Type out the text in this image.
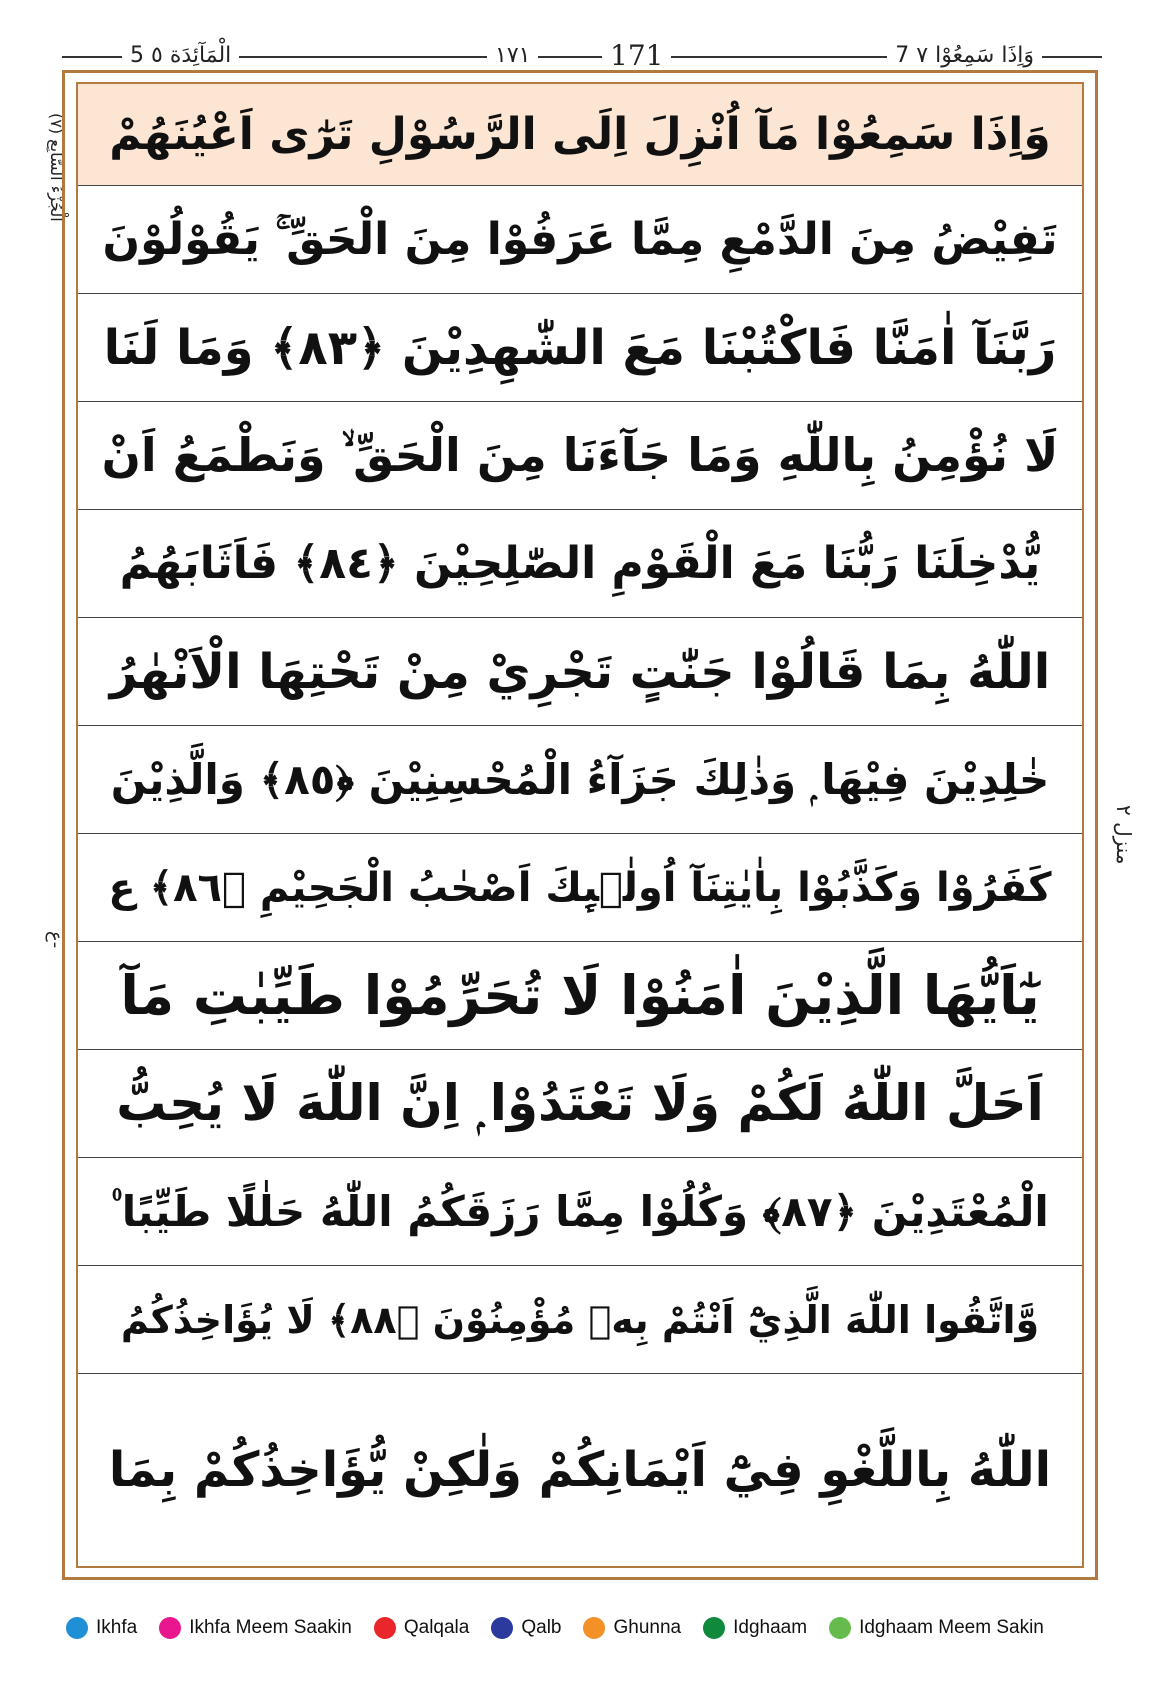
5 الْمَآئِدَة ٥	١٧١	171	7 وَاِذَا سَمِعُوْا ٧
(٧) الْجُزْءُ السَّابِع
ع-
منزل ٢
وَاِذَا سَمِعُوْا مَآ اُنْزِلَ اِلَى الرَّسُوْلِ تَرٰٓى اَعْيُنَهُمْ
تَفِيْضُ مِنَ الدَّمْعِ مِمَّا عَرَفُوْا مِنَ الْحَقِّ ۚ يَقُوْلُوْنَ
رَبَّنَآ اٰمَنَّا فَاكْتُبْنَا مَعَ الشّٰهِدِيْنَ ﴿٨٣﴾ وَمَا لَنَا
لَا نُؤْمِنُ بِاللّٰهِ وَمَا جَآءَنَا مِنَ الْحَقِّ ۙ وَنَطْمَعُ اَنْ
يُّدْخِلَنَا رَبُّنَا مَعَ الْقَوْمِ الصّٰلِحِيْنَ ﴿٨٤﴾ فَاَثَابَهُمُ
اللّٰهُ بِمَا قَالُوْا جَنّٰتٍ تَجْرِيْ مِنْ تَحْتِهَا الْاَنْهٰرُ
خٰلِدِيْنَ فِيْهَا ۭ وَذٰلِكَ جَزَآءُ الْمُحْسِنِيْنَ ﴿٨٥﴾ وَالَّذِيْنَ
كَفَرُوْا وَكَذَّبُوْا بِاٰيٰتِنَآ اُولٰۗىِٕكَ اَصْحٰبُ الْجَحِيْمِ ﴿٨٦﴾ ع
يٰٓاَيُّهَا الَّذِيْنَ اٰمَنُوْا لَا تُحَرِّمُوْا طَيِّبٰتِ مَآ
اَحَلَّ اللّٰهُ لَكُمْ وَلَا تَعْتَدُوْا ۭ اِنَّ اللّٰهَ لَا يُحِبُّ
الْمُعْتَدِيْنَ ﴿٨٧﴾ وَكُلُوْا مِمَّا رَزَقَكُمُ اللّٰهُ حَلٰلًا طَيِّبًا ۠
وَّاتَّقُوا اللّٰهَ الَّذِيْٓ اَنْتُمْ بِهٖ مُؤْمِنُوْنَ ﴿٨٨﴾ لَا يُؤَاخِذُكُمُ
اللّٰهُ بِاللَّغْوِ فِيْٓ اَيْمَانِكُمْ وَلٰكِنْ يُّؤَاخِذُكُمْ بِمَا
Ikhfa	Ikhfa Meem Saakin	Qalqala	Qalb	Ghunna	Idghaam	Idghaam Meem Sakin
